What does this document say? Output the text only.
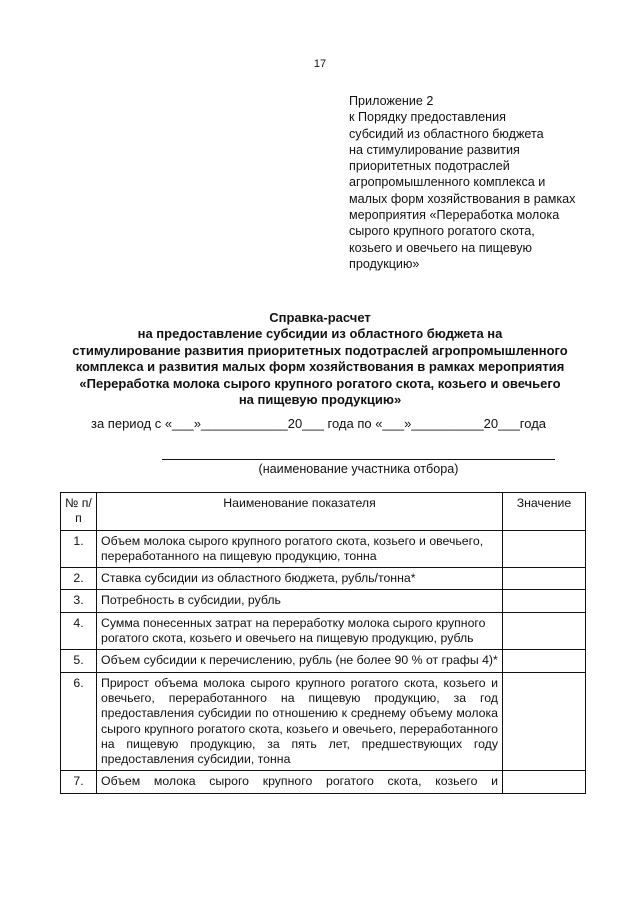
17
Приложение 2
к Порядку предоставления
субсидий из областного бюджета
на стимулирование развития
приоритетных подотраслей
агропромышленного комплекса и
малых форм хозяйствования в рамках
мероприятия «Переработка молока
сырого крупного рогатого скота,
козьего и овечьего на пищевую
продукцию»
Справка-расчет
на предоставление субсидии из областного бюджета на
стимулирование развития приоритетных подотраслей агропромышленного
комплекса и развития малых форм хозяйствования в рамках мероприятия
«Переработка молока сырого крупного рогатого скота, козьего и овечьего
на пищевую продукцию»
за период с «___»____________20___ года по «___»__________20___года
(наименование участника отбора)
№ п/п	Наименование показателя	Значение
1.	Объем молока сырого крупного рогатого скота, козьего и овечьего, переработанного на пищевую продукцию, тонна	
2.	Ставка субсидии из областного бюджета, рубль/тонна*	
3.	Потребность в субсидии, рубль	
4.	Сумма понесенных затрат на переработку молока сырого крупного рогатого скота, козьего и овечьего на пищевую продукцию, рубль	
5.	Объем субсидии к перечислению, рубль (не более 90 % от графы 4)*	
6.	Прирост объема молока сырого крупного рогатого скота, козьего и овечьего, переработанного на пищевую продукцию, за год предоставления субсидии по отношению к среднему объему молока сырого крупного рогатого скота, козьего и овечьего, переработанного на пищевую продукцию, за пять лет, предшествующих году предоставления субсидии, тонна	
7.	Объем молока сырого крупного рогатого скота, козьего и	
